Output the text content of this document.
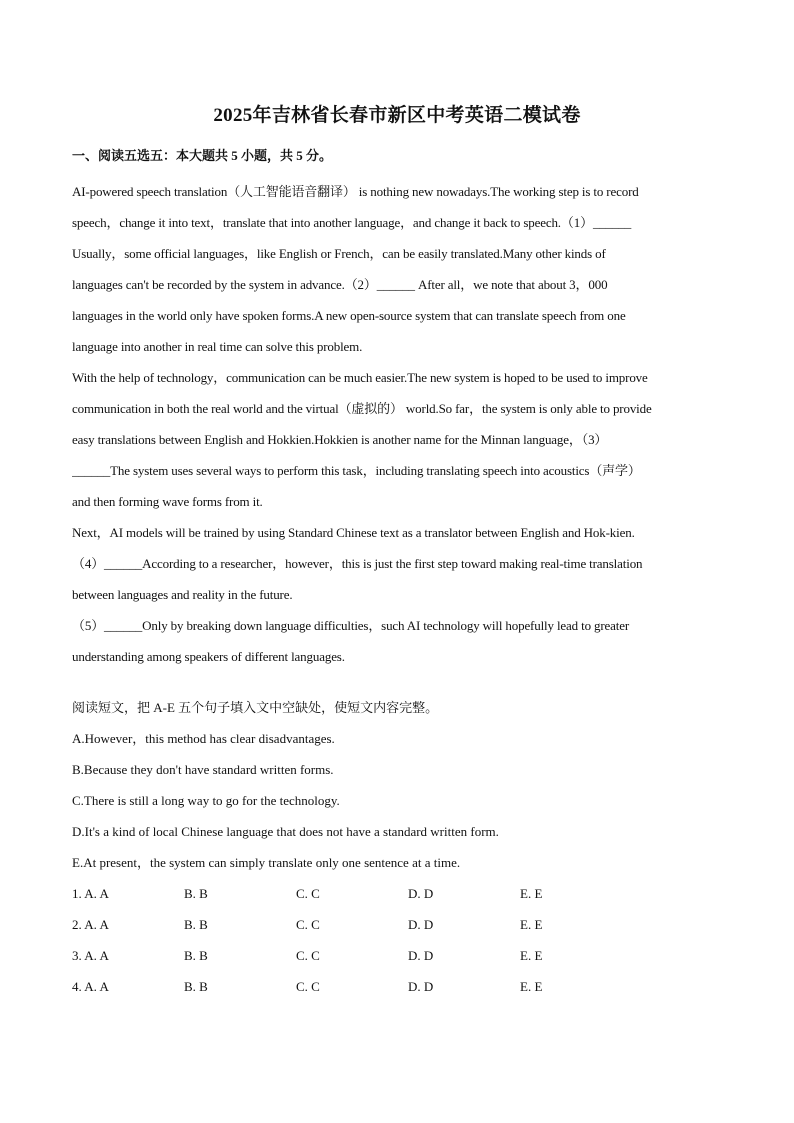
2025年吉林省长春市新区中考英语二模试卷
一、阅读五选五：本大题共 5 小题，共 5 分。
AI-powered speech translation（人工智能语音翻译） is nothing new nowadays.The working step is to record
speech，change it into text，translate that into another language，and change it back to speech.（1）______
Usually，some official languages，like English or French，can be easily translated.Many other kinds of
languages can't be recorded by the system in advance.（2）______ After all，we note that about 3，000
languages in the world only have spoken forms.A new open-source system that can translate speech from one
language into another in real time can solve this problem.
With the help of technology，communication can be much easier.The new system is hoped to be used to improve
communication in both the real world and the virtual（虚拟的） world.So far，the system is only able to provide
easy translations between English and Hokkien.Hokkien is another name for the Minnan language，（3）
______The system uses several ways to perform this task，including translating speech into acoustics（声学）
and then forming wave forms from it.
Next，AI models will be trained by using Standard Chinese text as a translator between English and Hok-kien.
（4）______According to a researcher，however，this is just the first step toward making real-time translation
between languages and reality in the future.
（5）______Only by breaking down language difficulties，such AI technology will hopefully lead to greater
understanding among speakers of different languages.
阅读短文，把 A-E 五个句子填入文中空缺处，使短文内容完整。
A.However，this method has clear disadvantages.
B.Because they don't have standard written forms.
C.There is still a long way to go for the technology.
D.It's a kind of local Chinese language that does not have a standard written form.
E.At present，the system can simply translate only one sentence at a time.
1. A. A	B. B	C. C	D. D	E. E
2. A. A	B. B	C. C	D. D	E. E
3. A. A	B. B	C. C	D. D	E. E
4. A. A	B. B	C. C	D. D	E. E
